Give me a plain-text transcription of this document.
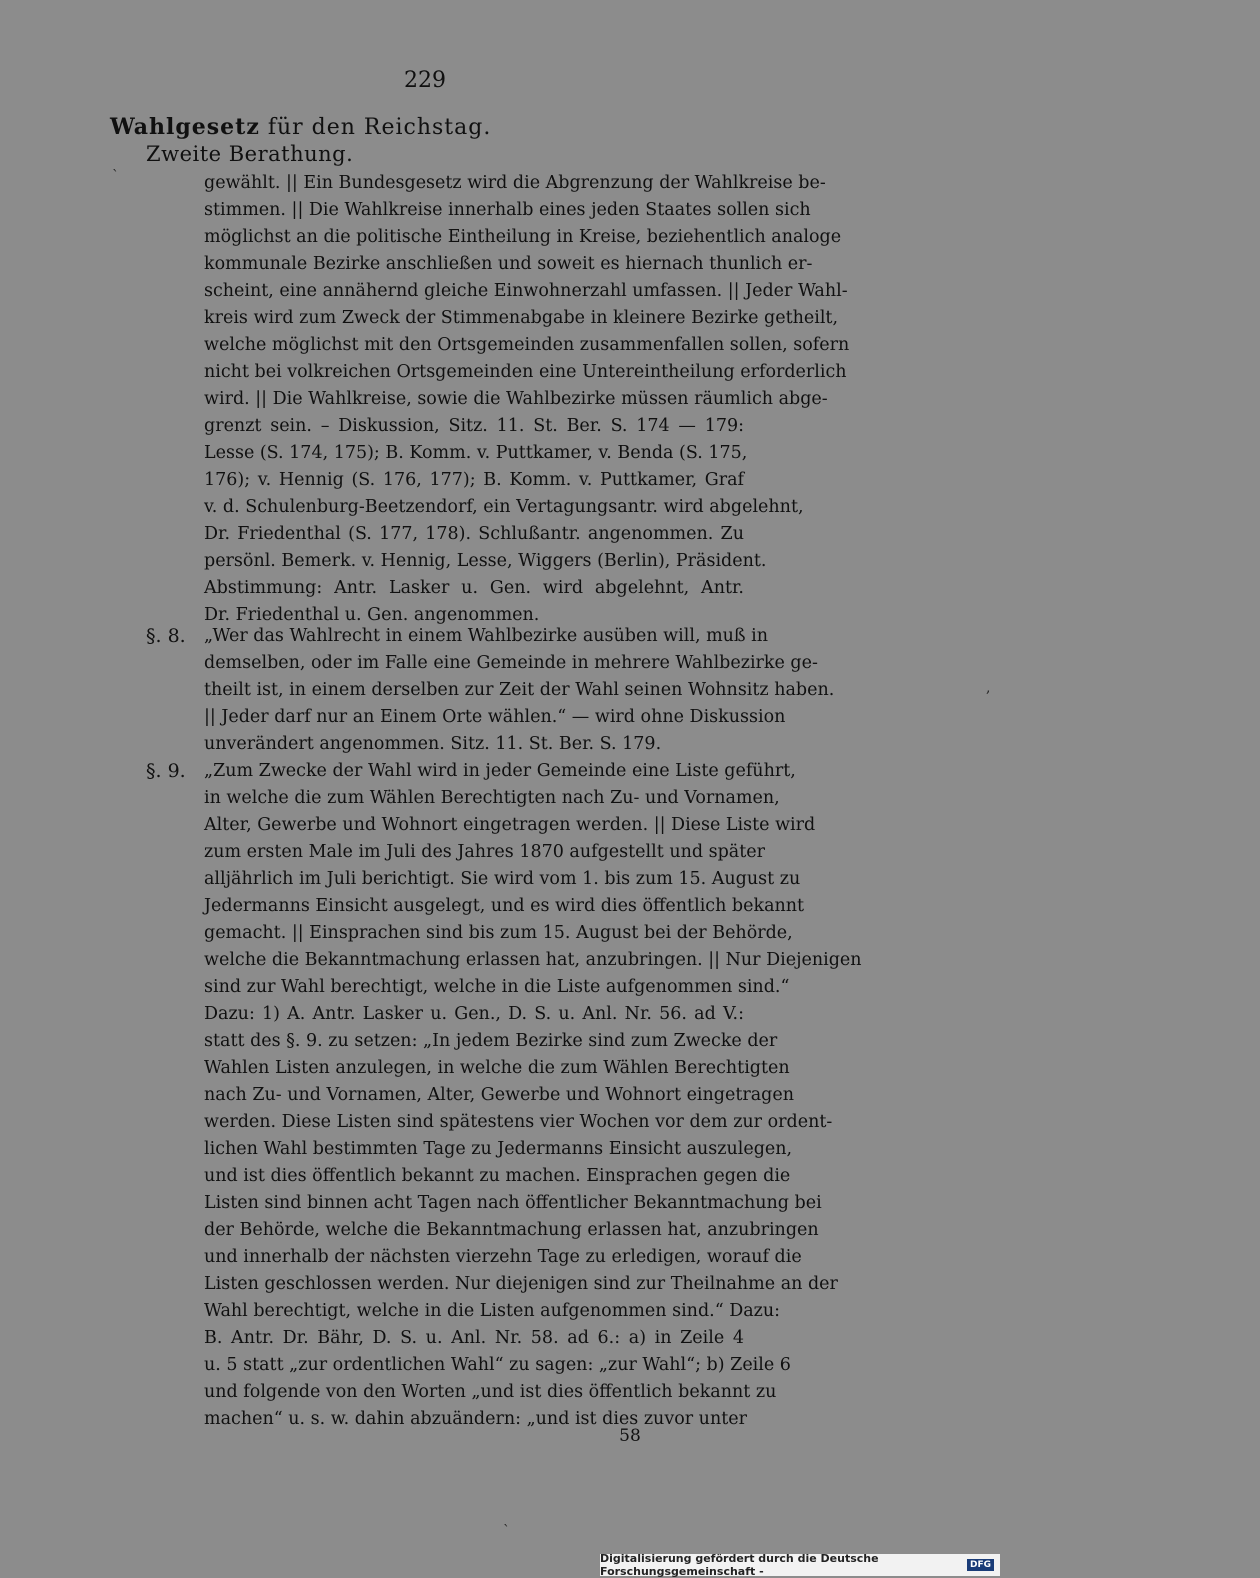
229
Wahlgesetz für den Reichstag.
Zweite Berathung.
gewählt. || Ein Bundesgesetz wird die Abgrenzung der Wahlkreise be-
stimmen. || Die Wahlkreise innerhalb eines jeden Staates sollen sich
möglichst an die politische Eintheilung in Kreise, beziehentlich analoge
kommunale Bezirke anschließen und soweit es hiernach thunlich er-
scheint, eine annähernd gleiche Einwohnerzahl umfassen. || Jeder Wahl-
kreis wird zum Zweck der Stimmenabgabe in kleinere Bezirke getheilt,
welche möglichst mit den Ortsgemeinden zusammenfallen sollen, sofern
nicht bei volkreichen Ortsgemeinden eine Untereintheilung erforderlich
wird. || Die Wahlkreise, sowie die Wahlbezirke müssen räumlich abge-
grenzt sein. – Diskussion, Sitz. 11. St. Ber. S. 174 — 179:
Lesse (S. 174, 175); B. Komm. v. Puttkamer, v. Benda (S. 175,
176); v. Hennig (S. 176, 177); B. Komm. v. Puttkamer, Graf
v. d. Schulenburg-Beetzendorf, ein Vertagungsantr. wird abgelehnt,
Dr. Friedenthal (S. 177, 178). Schlußantr. angenommen. Zu
persönl. Bemerk. v. Hennig, Lesse, Wiggers (Berlin), Präsident.
Abstimmung: Antr. Lasker u. Gen. wird abgelehnt, Antr.
Dr. Friedenthal u. Gen. angenommen.
§. 8. „Wer das Wahlrecht in einem Wahlbezirke ausüben will, muß in
demselben, oder im Falle eine Gemeinde in mehrere Wahlbezirke ge-
theilt ist, in einem derselben zur Zeit der Wahl seinen Wohnsitz haben.
|| Jeder darf nur an Einem Orte wählen.“ — wird ohne Diskussion
unverändert angenommen. Sitz. 11. St. Ber. S. 179.
§. 9. „Zum Zwecke der Wahl wird in jeder Gemeinde eine Liste geführt,
in welche die zum Wählen Berechtigten nach Zu- und Vornamen,
Alter, Gewerbe und Wohnort eingetragen werden. || Diese Liste wird
zum ersten Male im Juli des Jahres 1870 aufgestellt und später
alljährlich im Juli berichtigt. Sie wird vom 1. bis zum 15. August zu
Jedermanns Einsicht ausgelegt, und es wird dies öffentlich bekannt
gemacht. || Einsprachen sind bis zum 15. August bei der Behörde,
welche die Bekanntmachung erlassen hat, anzubringen. || Nur Diejenigen
sind zur Wahl berechtigt, welche in die Liste aufgenommen sind.“
Dazu: 1) A. Antr. Lasker u. Gen., D. S. u. Anl. Nr. 56. ad V.:
statt des §. 9. zu setzen: „In jedem Bezirke sind zum Zwecke der
Wahlen Listen anzulegen, in welche die zum Wählen Berechtigten
nach Zu- und Vornamen, Alter, Gewerbe und Wohnort eingetragen
werden. Diese Listen sind spätestens vier Wochen vor dem zur ordent-
lichen Wahl bestimmten Tage zu Jedermanns Einsicht auszulegen,
und ist dies öffentlich bekannt zu machen. Einsprachen gegen die
Listen sind binnen acht Tagen nach öffentlicher Bekanntmachung bei
der Behörde, welche die Bekanntmachung erlassen hat, anzubringen
und innerhalb der nächsten vierzehn Tage zu erledigen, worauf die
Listen geschlossen werden. Nur diejenigen sind zur Theilnahme an der
Wahl berechtigt, welche in die Listen aufgenommen sind.“ Dazu:
B. Antr. Dr. Bähr, D. S. u. Anl. Nr. 58. ad 6.: a) in Zeile 4
u. 5 statt „zur ordentlichen Wahl“ zu sagen: „zur Wahl“; b) Zeile 6
und folgende von den Worten „und ist dies öffentlich bekannt zu
machen“ u. s. w. dahin abzuändern: „und ist dies zuvor unter
58
`
,
`
Digitalisierung gefördert durch die Deutsche Forschungsgemeinschaft -	DFG
